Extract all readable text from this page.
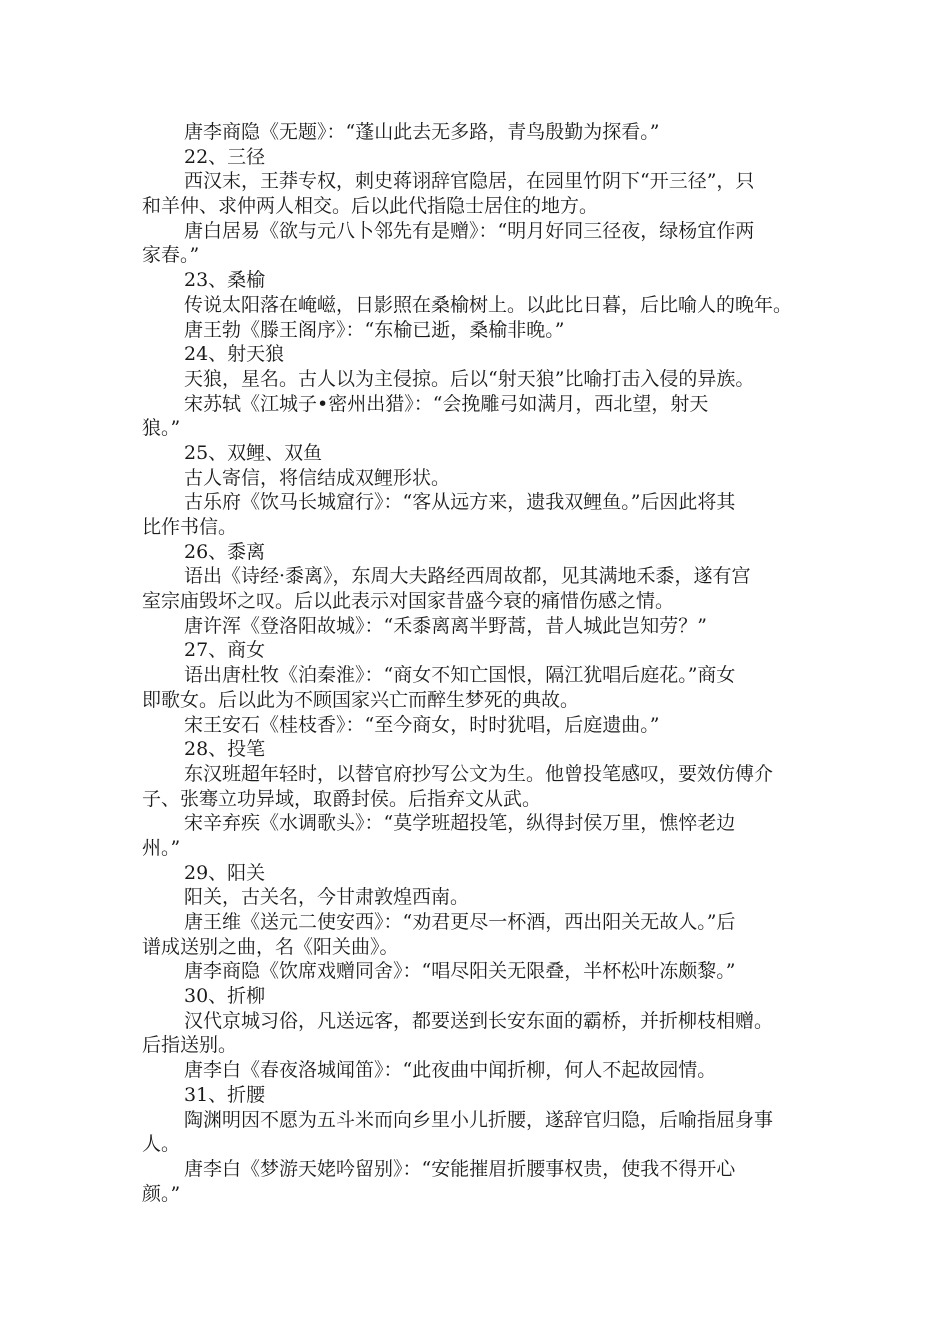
唐李商隐《无题》：“蓬山此去无多路，青鸟殷勤为探看。”
22、三径
西汉末，王莽专权，刺史蒋诩辞官隐居，在园里竹阴下“开三径”，只
和羊仲、求仲两人相交。后以此代指隐士居住的地方。
唐白居易《欲与元八卜邻先有是赠》：“明月好同三径夜，绿杨宜作两
家春。”
23、桑榆
传说太阳落在崦嵫，日影照在桑榆树上。以此比日暮，后比喻人的晚年。
唐王勃《滕王阁序》：“东榆已逝，桑榆非晚。”
24、射天狼
天狼，星名。古人以为主侵掠。后以“射天狼”比喻打击入侵的异族。
宋苏轼《江城子•密州出猎》：“会挽雕弓如满月，西北望，射天
狼。”
25、双鲤、双鱼
古人寄信，将信结成双鲤形状。
古乐府《饮马长城窟行》：“客从远方来，遗我双鲤鱼。”后因此将其
比作书信。
26、黍离
语出《诗经·黍离》，东周大夫路经西周故都，见其满地禾黍，遂有宫
室宗庙毁坏之叹。后以此表示对国家昔盛今衰的痛惜伤感之情。
唐许浑《登洛阳故城》：“禾黍离离半野蒿，昔人城此岂知劳？”
27、商女
语出唐杜牧《泊秦淮》：“商女不知亡国恨，隔江犹唱后庭花。”商女
即歌女。后以此为不顾国家兴亡而醉生梦死的典故。
宋王安石《桂枝香》：“至今商女，时时犹唱，后庭遗曲。”
28、投笔
东汉班超年轻时，以替官府抄写公文为生。他曾投笔感叹，要效仿傅介
子、张骞立功异域，取爵封侯。后指弃文从武。
宋辛弃疾《水调歌头》：“莫学班超投笔，纵得封侯万里，憔悴老边
州。”
29、阳关
阳关，古关名，今甘肃敦煌西南。
唐王维《送元二使安西》：“劝君更尽一杯酒，西出阳关无故人。”后
谱成送别之曲，名《阳关曲》。
唐李商隐《饮席戏赠同舍》：“唱尽阳关无限叠，半杯松叶冻颇黎。”
30、折柳
汉代京城习俗，凡送远客，都要送到长安东面的霸桥，并折柳枝相赠。
后指送别。
唐李白《春夜洛城闻笛》：“此夜曲中闻折柳，何人不起故园情。
31、折腰
陶渊明因不愿为五斗米而向乡里小儿折腰，遂辞官归隐，后喻指屈身事
人。
唐李白《梦游天姥吟留别》：“安能摧眉折腰事权贵，使我不得开心
颜。”
